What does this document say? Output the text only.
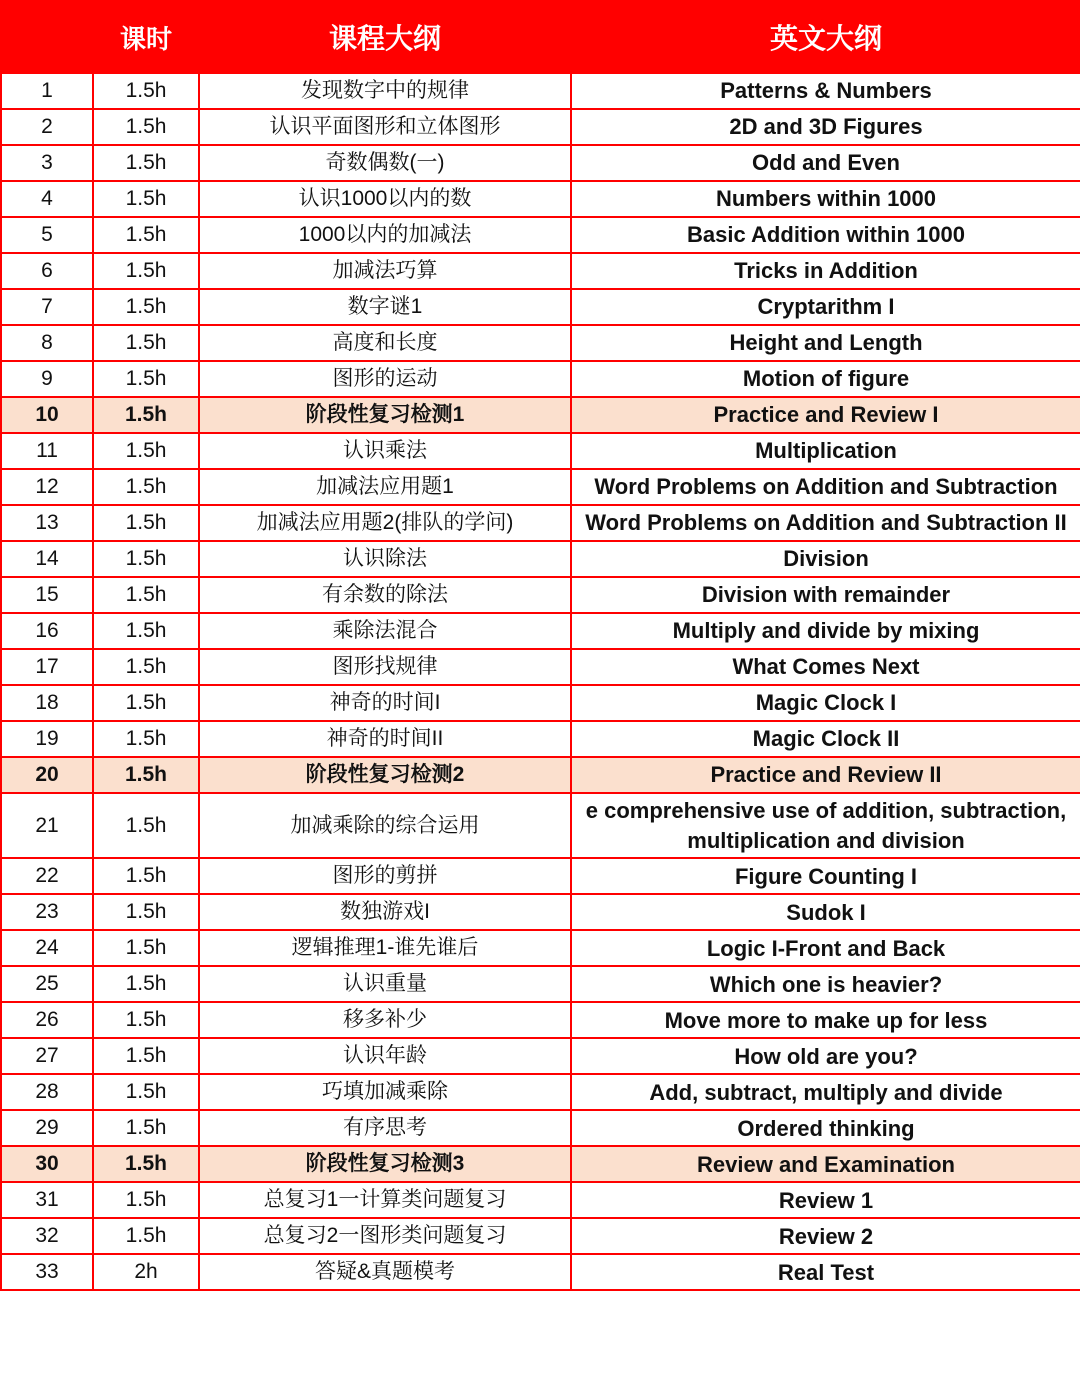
	课时	课程大纲	英文大纲
1	1.5h	发现数字中的规律	Patterns & Numbers
2	1.5h	认识平面图形和立体图形	2D and 3D Figures
3	1.5h	奇数偶数(一)	Odd and Even
4	1.5h	认识1000以内的数	Numbers within 1000
5	1.5h	1000以内的加减法	Basic Addition within 1000
6	1.5h	加减法巧算	Tricks in Addition
7	1.5h	数字谜1	Cryptarithm I
8	1.5h	高度和长度	Height and Length
9	1.5h	图形的运动	Motion of figure
10	1.5h	阶段性复习检测1	Practice and Review I
11	1.5h	认识乘法	Multiplication
12	1.5h	加减法应用题1	Word Problems on Addition and Subtraction
13	1.5h	加减法应用题2(排队的学问)	Word Problems on Addition and Subtraction II
14	1.5h	认识除法	Division
15	1.5h	有余数的除法	Division with remainder
16	1.5h	乘除法混合	Multiply and divide by mixing
17	1.5h	图形找规律	What Comes Next
18	1.5h	神奇的时间I	Magic Clock I
19	1.5h	神奇的时间II	Magic Clock II
20	1.5h	阶段性复习检测2	Practice and Review II
21	1.5h	加减乘除的综合运用	e comprehensive use of addition, subtraction, multiplication and division
22	1.5h	图形的剪拼	Figure Counting I
23	1.5h	数独游戏I	Sudok I
24	1.5h	逻辑推理1-谁先谁后	Logic I-Front and Back
25	1.5h	认识重量	Which one is heavier?
26	1.5h	移多补少	Move more to make up for less
27	1.5h	认识年龄	How old are you?
28	1.5h	巧填加减乘除	Add, subtract, multiply and divide
29	1.5h	有序思考	Ordered thinking
30	1.5h	阶段性复习检测3	Review and Examination
31	1.5h	总复习1一计算类问题复习	Review 1
32	1.5h	总复习2一图形类问题复习	Review 2
33	2h	答疑&真题模考	Real Test
